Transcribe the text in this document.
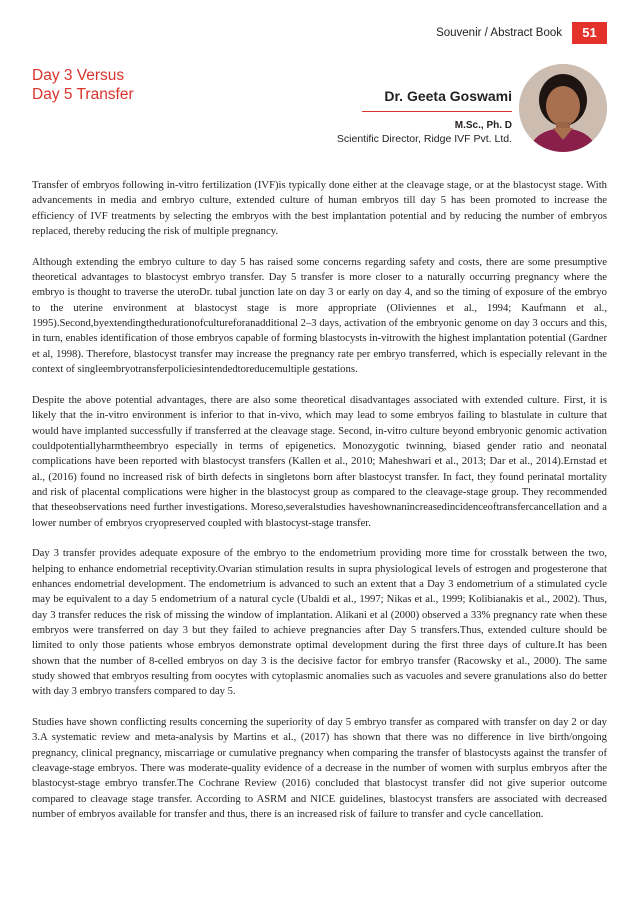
Souvenir / Abstract Book	51
Day 3 Versus
Day 5 Transfer	Dr. Geeta Goswami
M.Sc., Ph. D
Scientific Director, Ridge IVF Pvt. Ltd.

Transfer of embryos following in-vitro fertilization (IVF)is typically done either at the cleavage stage, or at the blastocyst stage. With advancements in media and embryo culture, extended culture of human embryos till day 5 has been promoted to increase the efficiency of IVF treatments by selecting the embryos with the best implantation potential and by reducing the number of embryos replaced, thereby reducing the risk of multiple pregnancy.

Although extending the embryo culture to day 5 has raised some concerns regarding safety and costs, there are some presumptive theoretical advantages to blastocyst embryo transfer. Day 5 transfer is more closer to a naturally occurring pregnancy where the embryo is thought to traverse the uteroDr. tubal junction late on day 3 or early on day 4, and so the timing of exposure of the embryo to the uterine environment at blastocyst stage is more appropriate (Oliviennes et al., 1994; Kaufmann et al., 1995).Second,byextendingthedurationofcultureforanadditional 2–3 days, activation of the embryonic genome on day 3 occurs and this, in turn, enables identification of those embryos capable of forming blastocysts in-vitrowith the highest implantation potential (Gardner et al, 1998). Therefore, blastocyst transfer may increase the pregnancy rate per embryo transferred, which is especially relevant in the context of singleembryotransferpoliciesintendedtoreducemultiple gestations.

Despite the above potential advantages, there are also some theoretical disadvantages associated with extended culture. First, it is likely that the in-vitro environment is inferior to that in-vivo, which may lead to some embryos failing to blastulate in culture that would have implanted successfully if transferred at the cleavage stage. Second, in-vitro culture beyond embryonic genomic activation couldpotentiallyharmtheembryo especially in terms of epigenetics. Monozygotic twinning, biased gender ratio and neonatal complications have been reported with blastocyst transfers (Kallen et al., 2010; Maheshwari et al., 2013; Dar et al., 2014).Ernstad et al., (2016) found no increased risk of birth defects in singletons born after blastocyst transfer. In fact, they found perinatal mortality and risk of placental complications were higher in the blastocyst group as compared to the cleavage-stage group. They recommended that theseobservations need further investigations. Moreso,severalstudies haveshownanincreasedincidenceoftransfercancellation and a lower number of embryos cryopreserved coupled with blastocyst-stage transfer.

Day 3 transfer provides adequate exposure of the embryo to the endometrium providing more time for crosstalk between the two, helping to enhance endometrial receptivity.Ovarian stimulation results in supra physiological levels of estrogen and progesterone that enhances endometrial development. The endometrium is advanced to such an extent that a Day 3 endometrium of a stimulated cycle may be equivalent to a day 5 endometrium of a natural cycle (Ubaldi et al., 1997; Nikas et al., 1999; Kolibianakis et al., 2002). Thus, day 3 transfer reduces the risk of missing the window of implantation. Alikani et al (2000) observed a 33% pregnancy rate when these embryos were transferred on day 3 but they failed to achieve pregnancies after Day 5 transfers.Thus, extended culture should be limited to only those patients whose embryos demonstrate optimal development during the first three days of culture.It has been shown that the number of 8-celled embryos on day 3 is the decisive factor for embryo transfer (Racowsky et al., 2000). The same study showed that embryos resulting from oocytes with cytoplasmic anomalies such as vacuoles and severe granulations also do better with day 3 embryo transfers compared to day 5.

Studies have shown conflicting results concerning the superiority of day 5 embryo transfer as compared with transfer on day 2 or day 3.A systematic review and meta-analysis by Martins et al., (2017) has shown that there was no difference in live birth/ongoing pregnancy, clinical pregnancy, miscarriage or cumulative pregnancy when comparing the transfer of blastocysts against the transfer of cleavage-stage embryos. There was moderate-quality evidence of a decrease in the number of women with surplus embryos after the blastocyst-stage embryo transfer.The Cochrane Review (2016) concluded that blastocyst transfer did not give superior outcome compared to cleavage stage transfer. According to ASRM and NICE guidelines, blastocyst transfers are associated with decreased number of embryos available for transfer and thus, there is an increased risk of failure to transfer and cycle cancellation.
